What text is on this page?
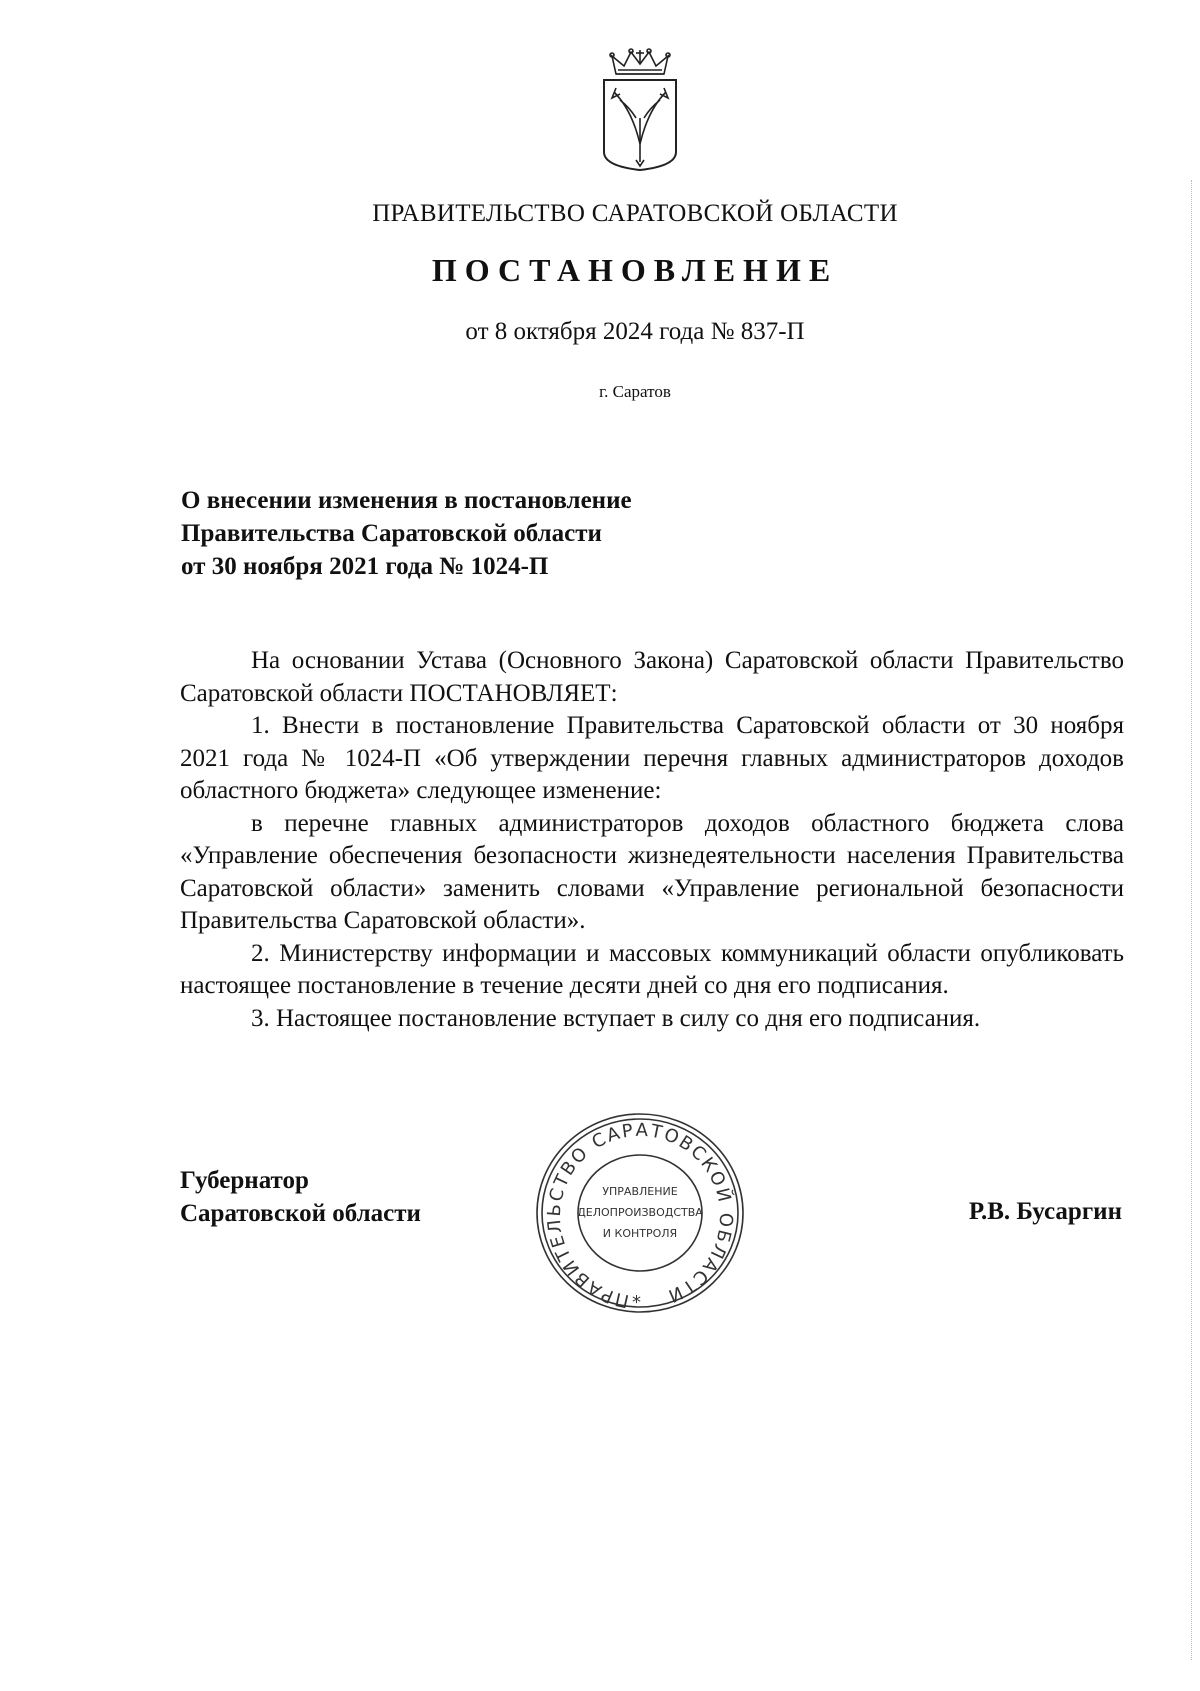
ПРАВИТЕЛЬСТВО САРАТОВСКОЙ ОБЛАСТИ
ПОСТАНОВЛЕНИЕ
от 8 октября 2024 года № 837-П
г. Саратов
О внесении изменения в постановление
Правительства Саратовской области
от 30 ноября 2021 года № 1024-П

На основании Устава (Основного Закона) Саратовской области Правительство Саратовской области ПОСТАНОВЛЯЕТ:

1. Внести в постановление Правительства Саратовской области от 30 ноября 2021 года № 1024-П «Об утверждении перечня главных администраторов доходов областного бюджета» следующее изменение:

в перечне главных администраторов доходов областного бюджета слова «Управление обеспечения безопасности жизнедеятельности населения Правительства Саратовской области» заменить словами «Управление региональной безопасности Правительства Саратовской области».

2. Министерству информации и массовых коммуникаций области опубликовать настоящее постановление в течение десяти дней со дня его подписания.

3. Настоящее постановление вступает в силу со дня его подписания.

Губернатор
Саратовской области
ПРАВИТЕЛЬСТВО САРАТОВСКОЙ ОБЛАСТИ
УПРАВЛЕНИЕ
ДЕЛОПРОИЗВОДСТВА
И КОНТРОЛЯ
*
Р.В. Бусаргин
